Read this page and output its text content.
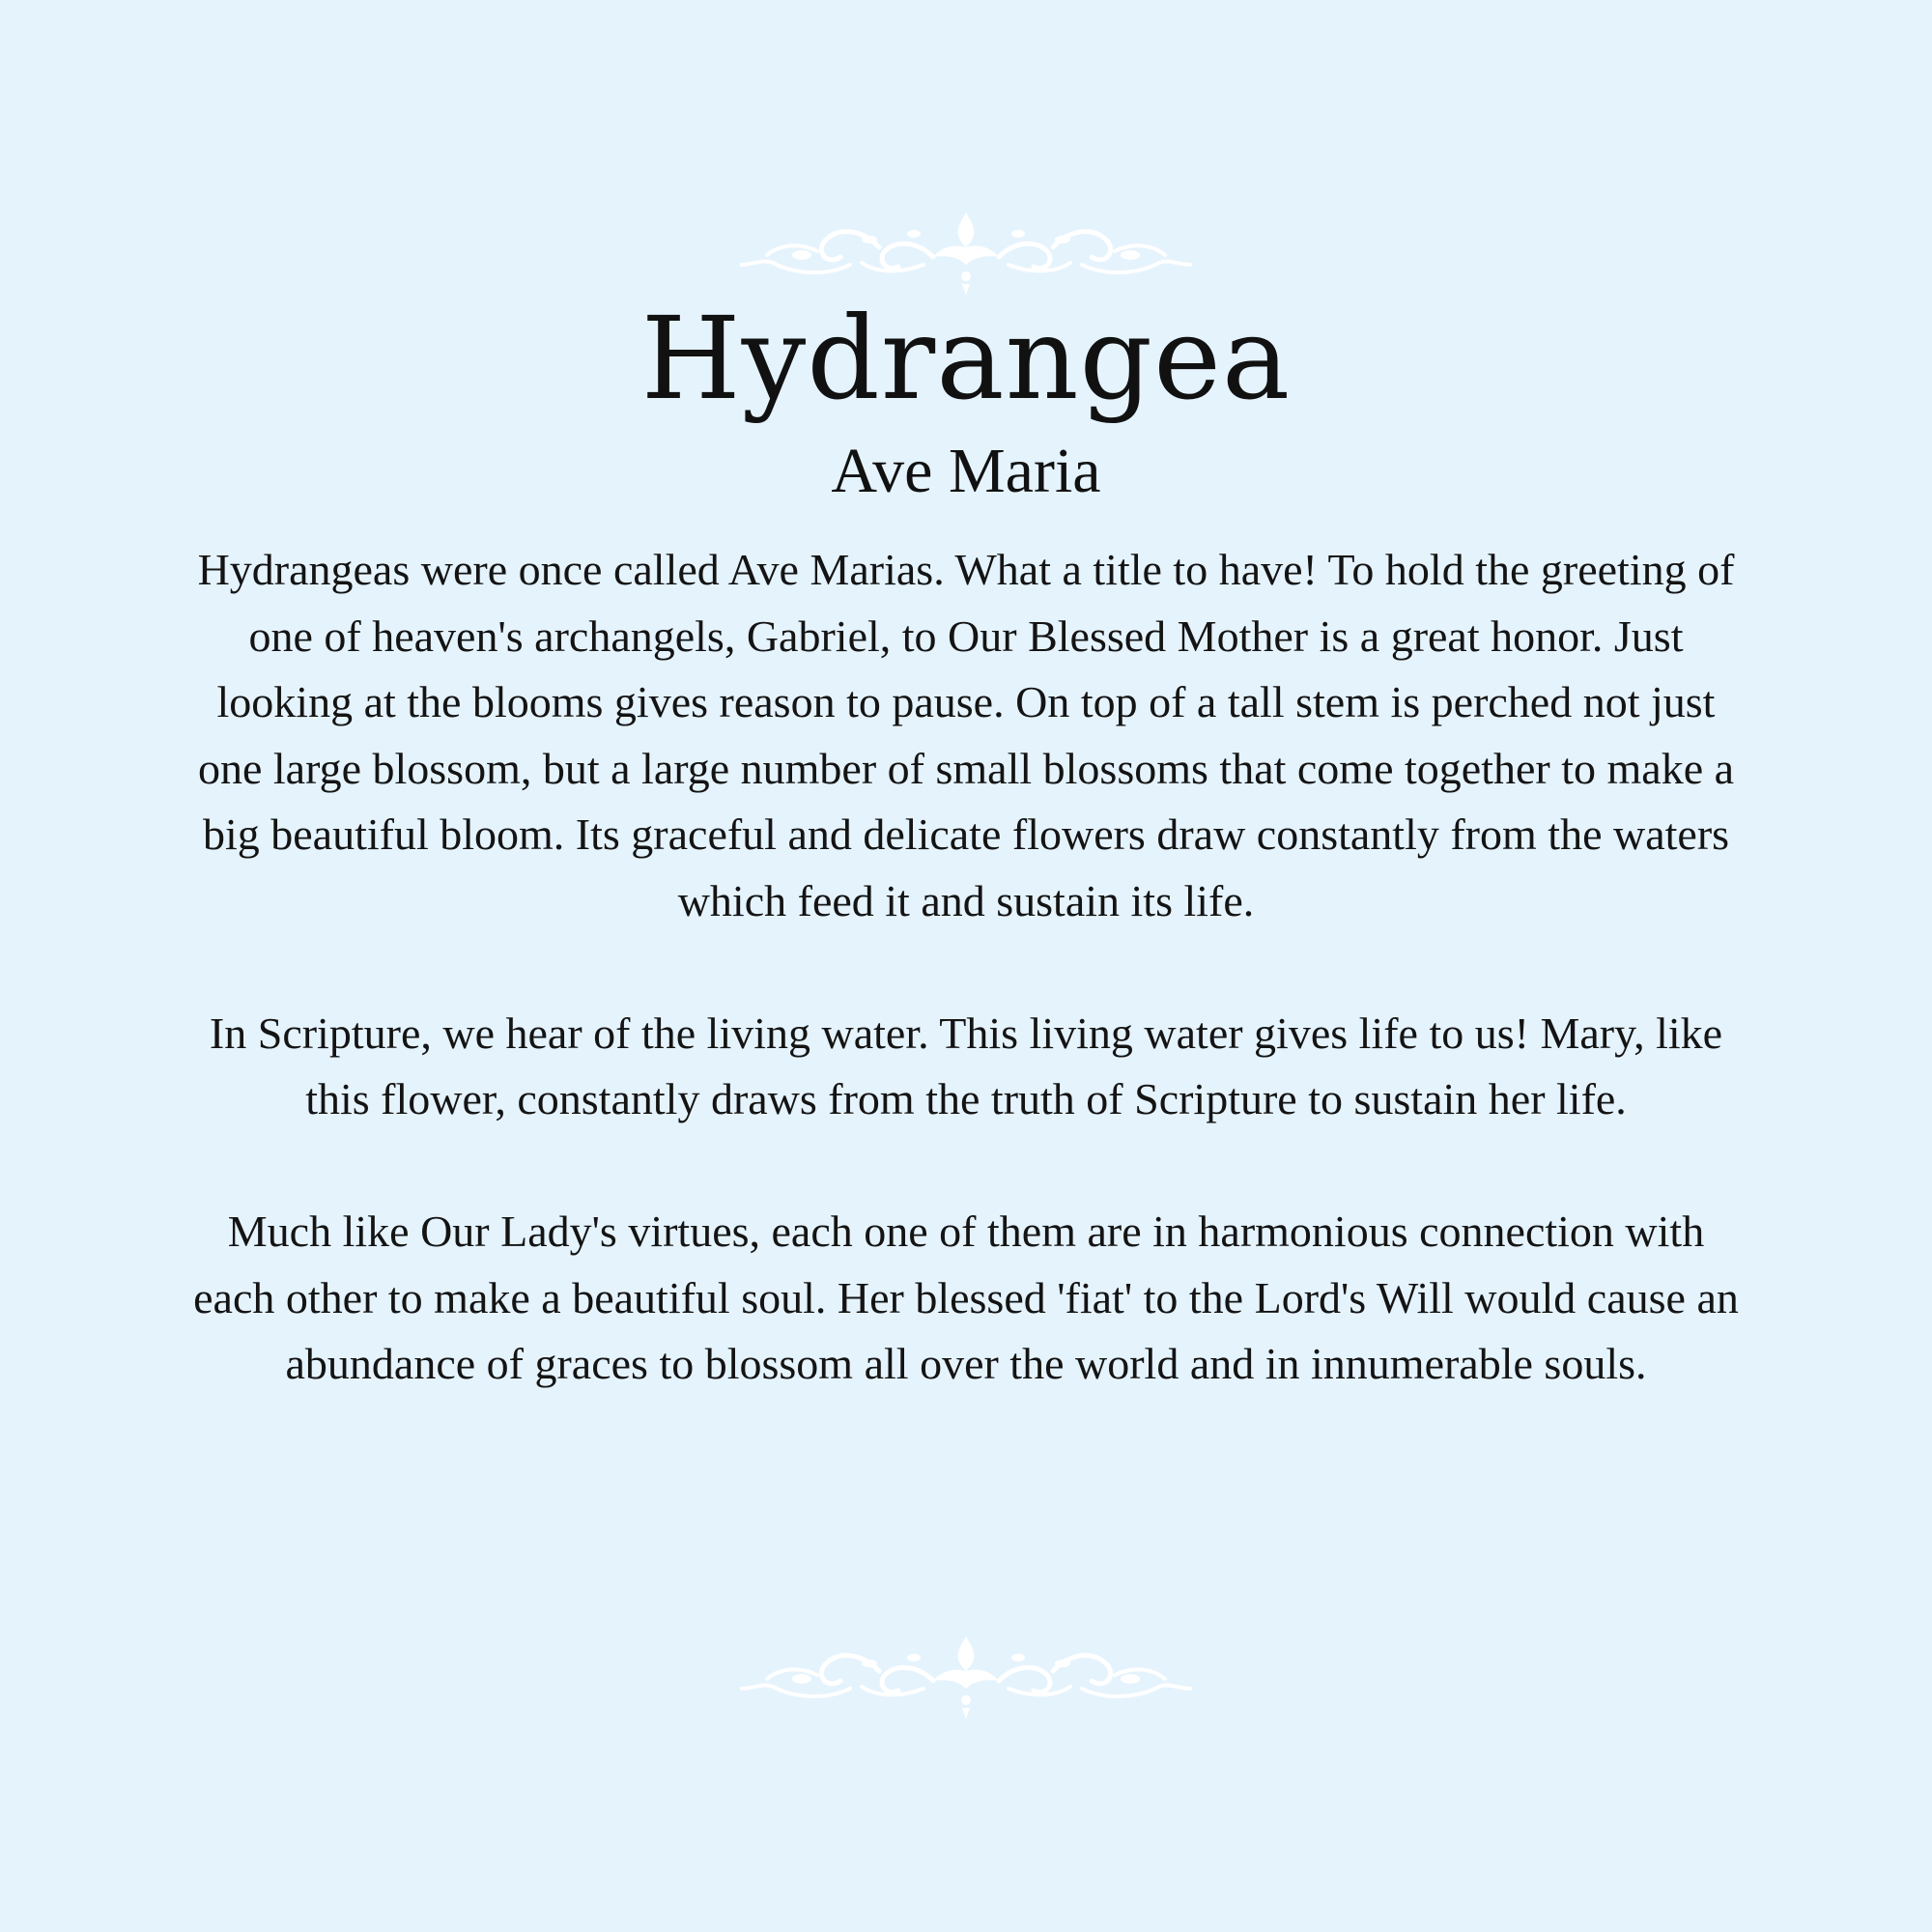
Hydrangea
Ave Maria

Hydrangeas were once called Ave Marias. What a title to have! To hold the greeting of one of heaven's archangels, Gabriel, to Our Blessed Mother is a great honor. Just looking at the blooms gives reason to pause. On top of a tall stem is perched not just one large blossom, but a large number of small blossoms that come together to make a big beautiful bloom. Its graceful and delicate flowers draw constantly from the waters which feed it and sustain its life.

In Scripture, we hear of the living water. This living water gives life to us! Mary, like this flower, constantly draws from the truth of Scripture to sustain her life.

Much like Our Lady's virtues, each one of them are in harmonious connection with each other to make a beautiful soul. Her blessed 'fiat' to the Lord's Will would cause an abundance of graces to blossom all over the world and in innumerable souls.
